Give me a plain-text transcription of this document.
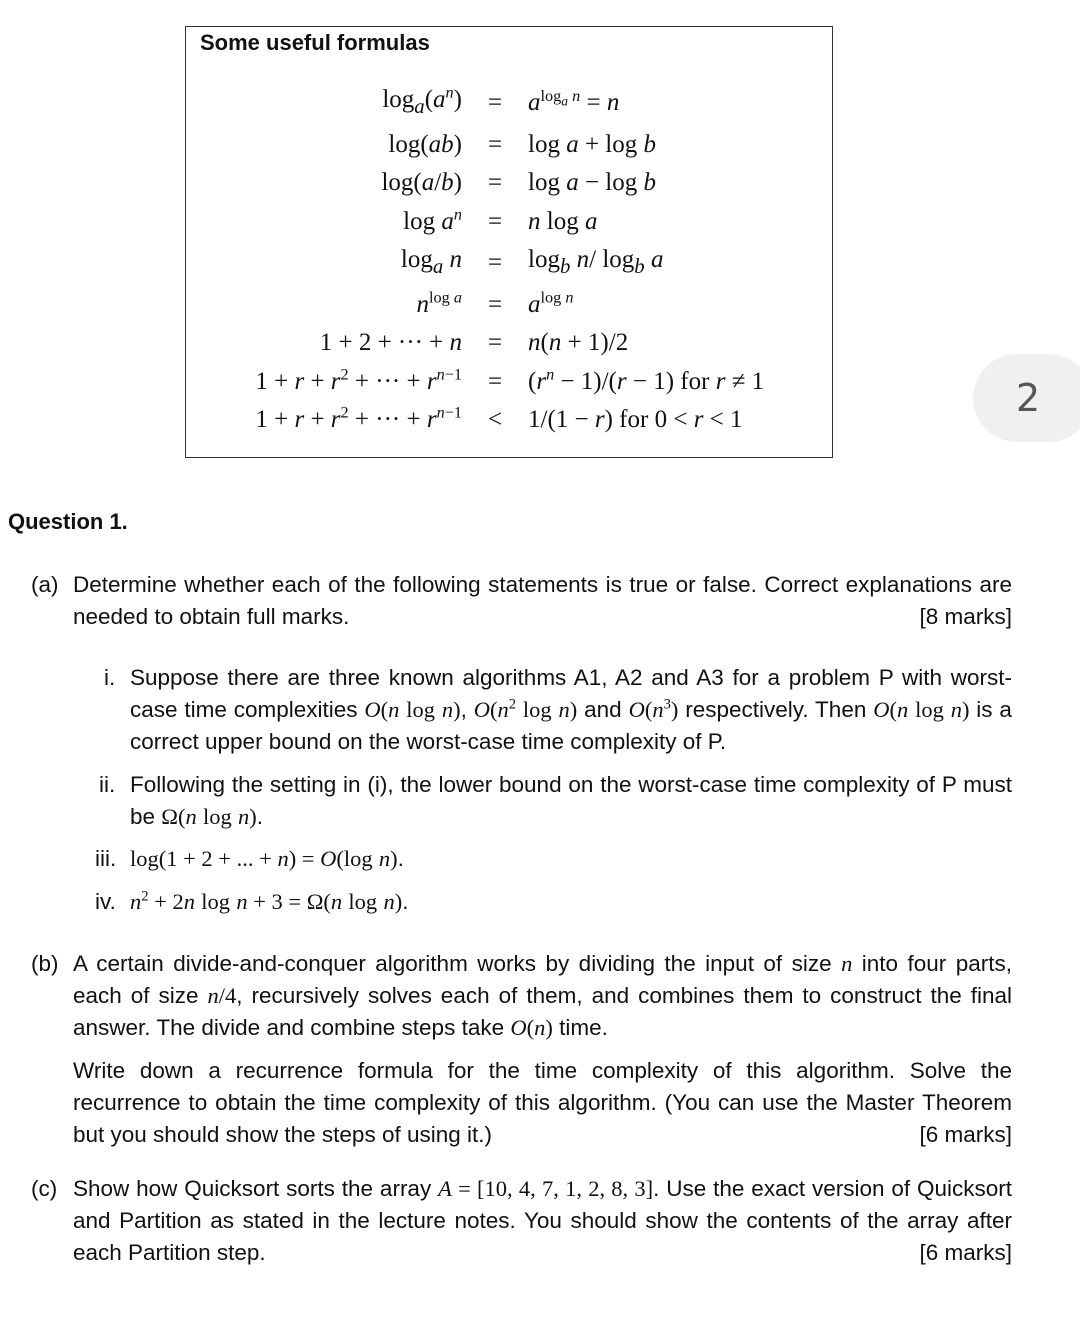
Some useful formulas
$\log_a(a^n)$	=	$a^{log_a n} = n$
log(ab)	=	log a + log b
log(a/b)	=	log a − log b
$\log a^n$	=	n log a
$\log_a n$	=	$\log_b n/$ $\log_b a$
$n^{log a}$	=	$a^{log n}$
1 + 2 + ··· + n	=	n(n + 1)/2
$1 + r + r^2$ + ··· + $r^{n-1}$	=	$(r^n - 1)/(r - 1)$ for r ≠ 1
$1 + r + r^2$ + ··· + $r^{n-1}$	<	1/(1 − r) for 0 < r < 1	2
Question 1.
(a) Determine whether each of the following statements is true or false. Correct explanations are needed to obtain full marks.	[8 marks]
i. Suppose there are three known algorithms A1, A2 and A3 for a problem P with worst-case time complexities O(n log n), $O(n^2$ log n) and $O(n^3)$ respectively. Then O(n log n) is a correct upper bound on the worst-case time complexity of P.
ii. Following the setting in (i), the lower bound on the worst-case time complexity of P must be Ω(n log n).
iii. log(1 + 2 + ... + n) = O(log n).
iv. $n^2 + 2n$ log n + 3 = Ω(n log n).
(b) A certain divide-and-conquer algorithm works by dividing the input of size n into four parts, each of size n/4, recursively solves each of them, and combines them to construct the final answer. The divide and combine steps take O(n) time.
Write down a recurrence formula for the time complexity of this algorithm. Solve the recurrence to obtain the time complexity of this algorithm. (You can use the Master Theorem but you should show the steps of using it.)	[6 marks]
(c) Show how Quicksort sorts the array A = [10, 4, 7, 1, 2, 8, 3]. Use the exact version of Quicksort and Partition as stated in the lecture notes. You should show the contents of the array after each Partition step.	[6 marks]
